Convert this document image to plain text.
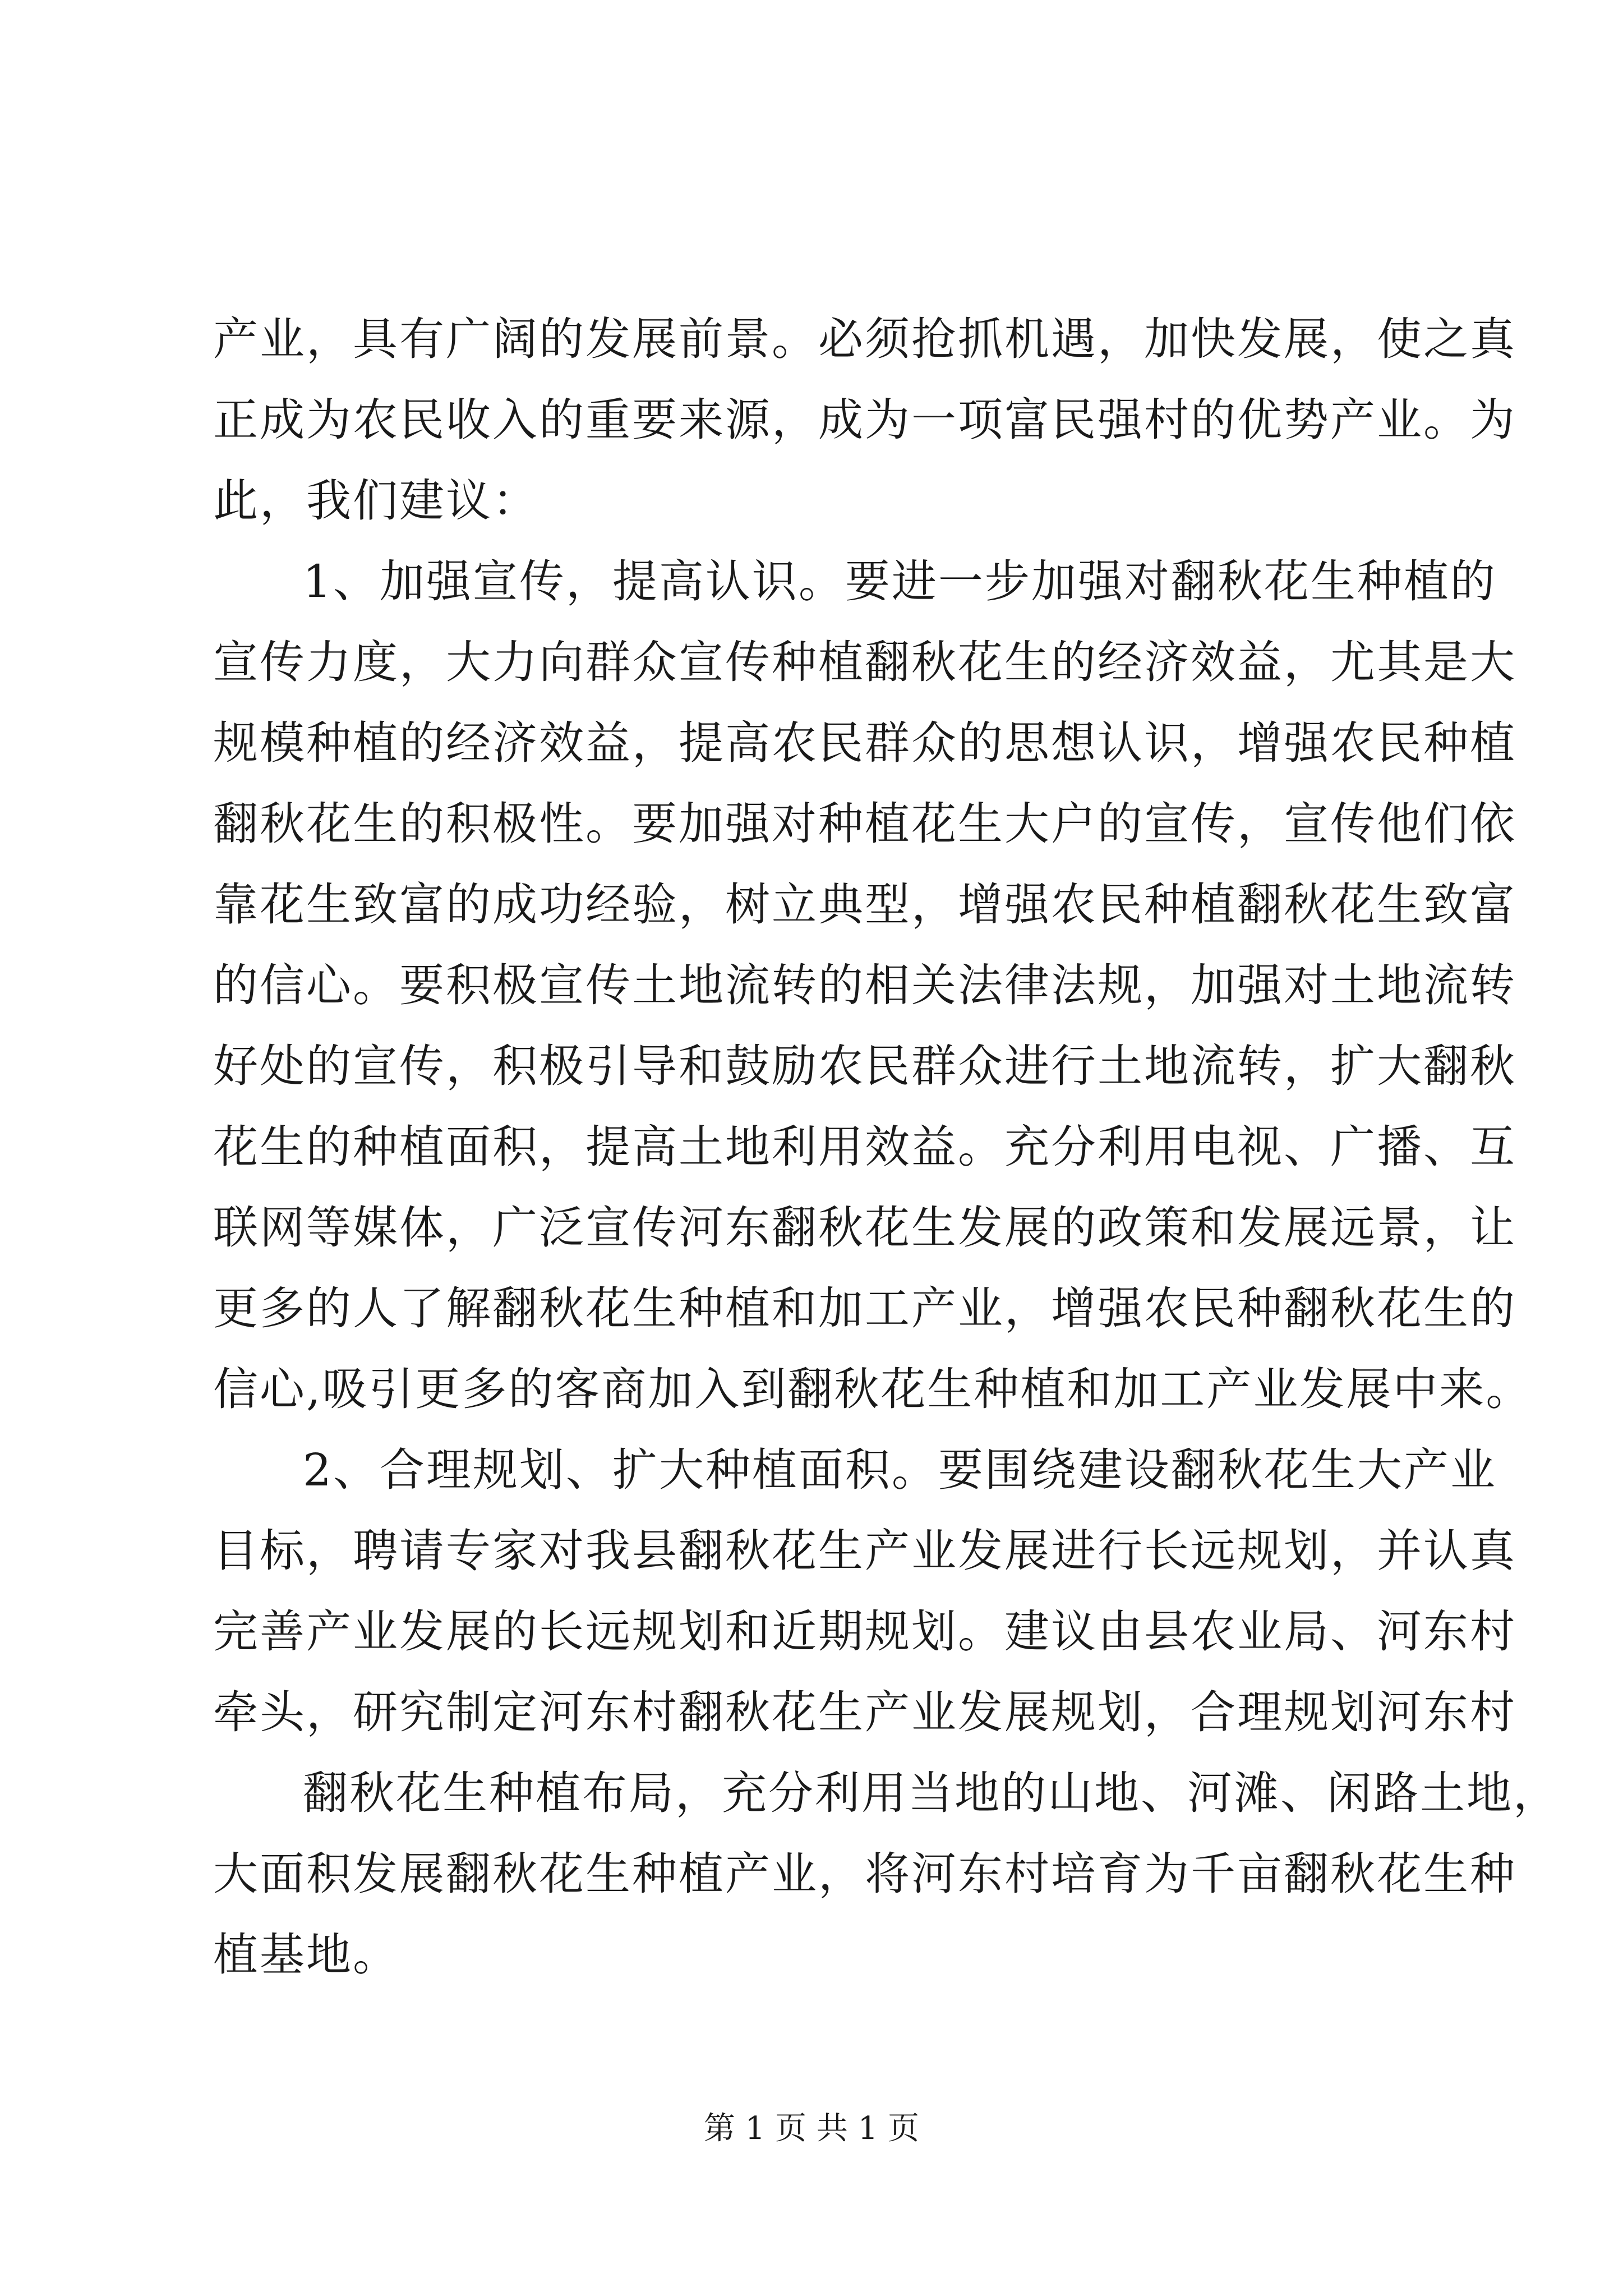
产业，具有广阔的发展前景。必须抢抓机遇，加快发展，使之真
正成为农民收入的重要来源，成为一项富民强村的优势产业。为
此，我们建议：
1、加强宣传，提高认识。要进一步加强对翻秋花生种植的
宣传力度，大力向群众宣传种植翻秋花生的经济效益，尤其是大
规模种植的经济效益，提高农民群众的思想认识，增强农民种植
翻秋花生的积极性。要加强对种植花生大户的宣传，宣传他们依
靠花生致富的成功经验，树立典型，增强农民种植翻秋花生致富
的信心。要积极宣传土地流转的相关法律法规，加强对土地流转
好处的宣传，积极引导和鼓励农民群众进行土地流转，扩大翻秋
花生的种植面积，提高土地利用效益。充分利用电视、广播、互
联网等媒体，广泛宣传河东翻秋花生发展的政策和发展远景，让
更多的人了解翻秋花生种植和加工产业，增强农民种翻秋花生的
信心,吸引更多的客商加入到翻秋花生种植和加工产业发展中来。
2、合理规划、扩大种植面积。要围绕建设翻秋花生大产业
目标，聘请专家对我县翻秋花生产业发展进行长远规划，并认真
完善产业发展的长远规划和近期规划。建议由县农业局、河东村
牵头，研究制定河东村翻秋花生产业发展规划，合理规划河东村
翻秋花生种植布局，充分利用当地的山地、河滩、闲路土地，
大面积发展翻秋花生种植产业，将河东村培育为千亩翻秋花生种
植基地。
第 1 页 共 1 页
